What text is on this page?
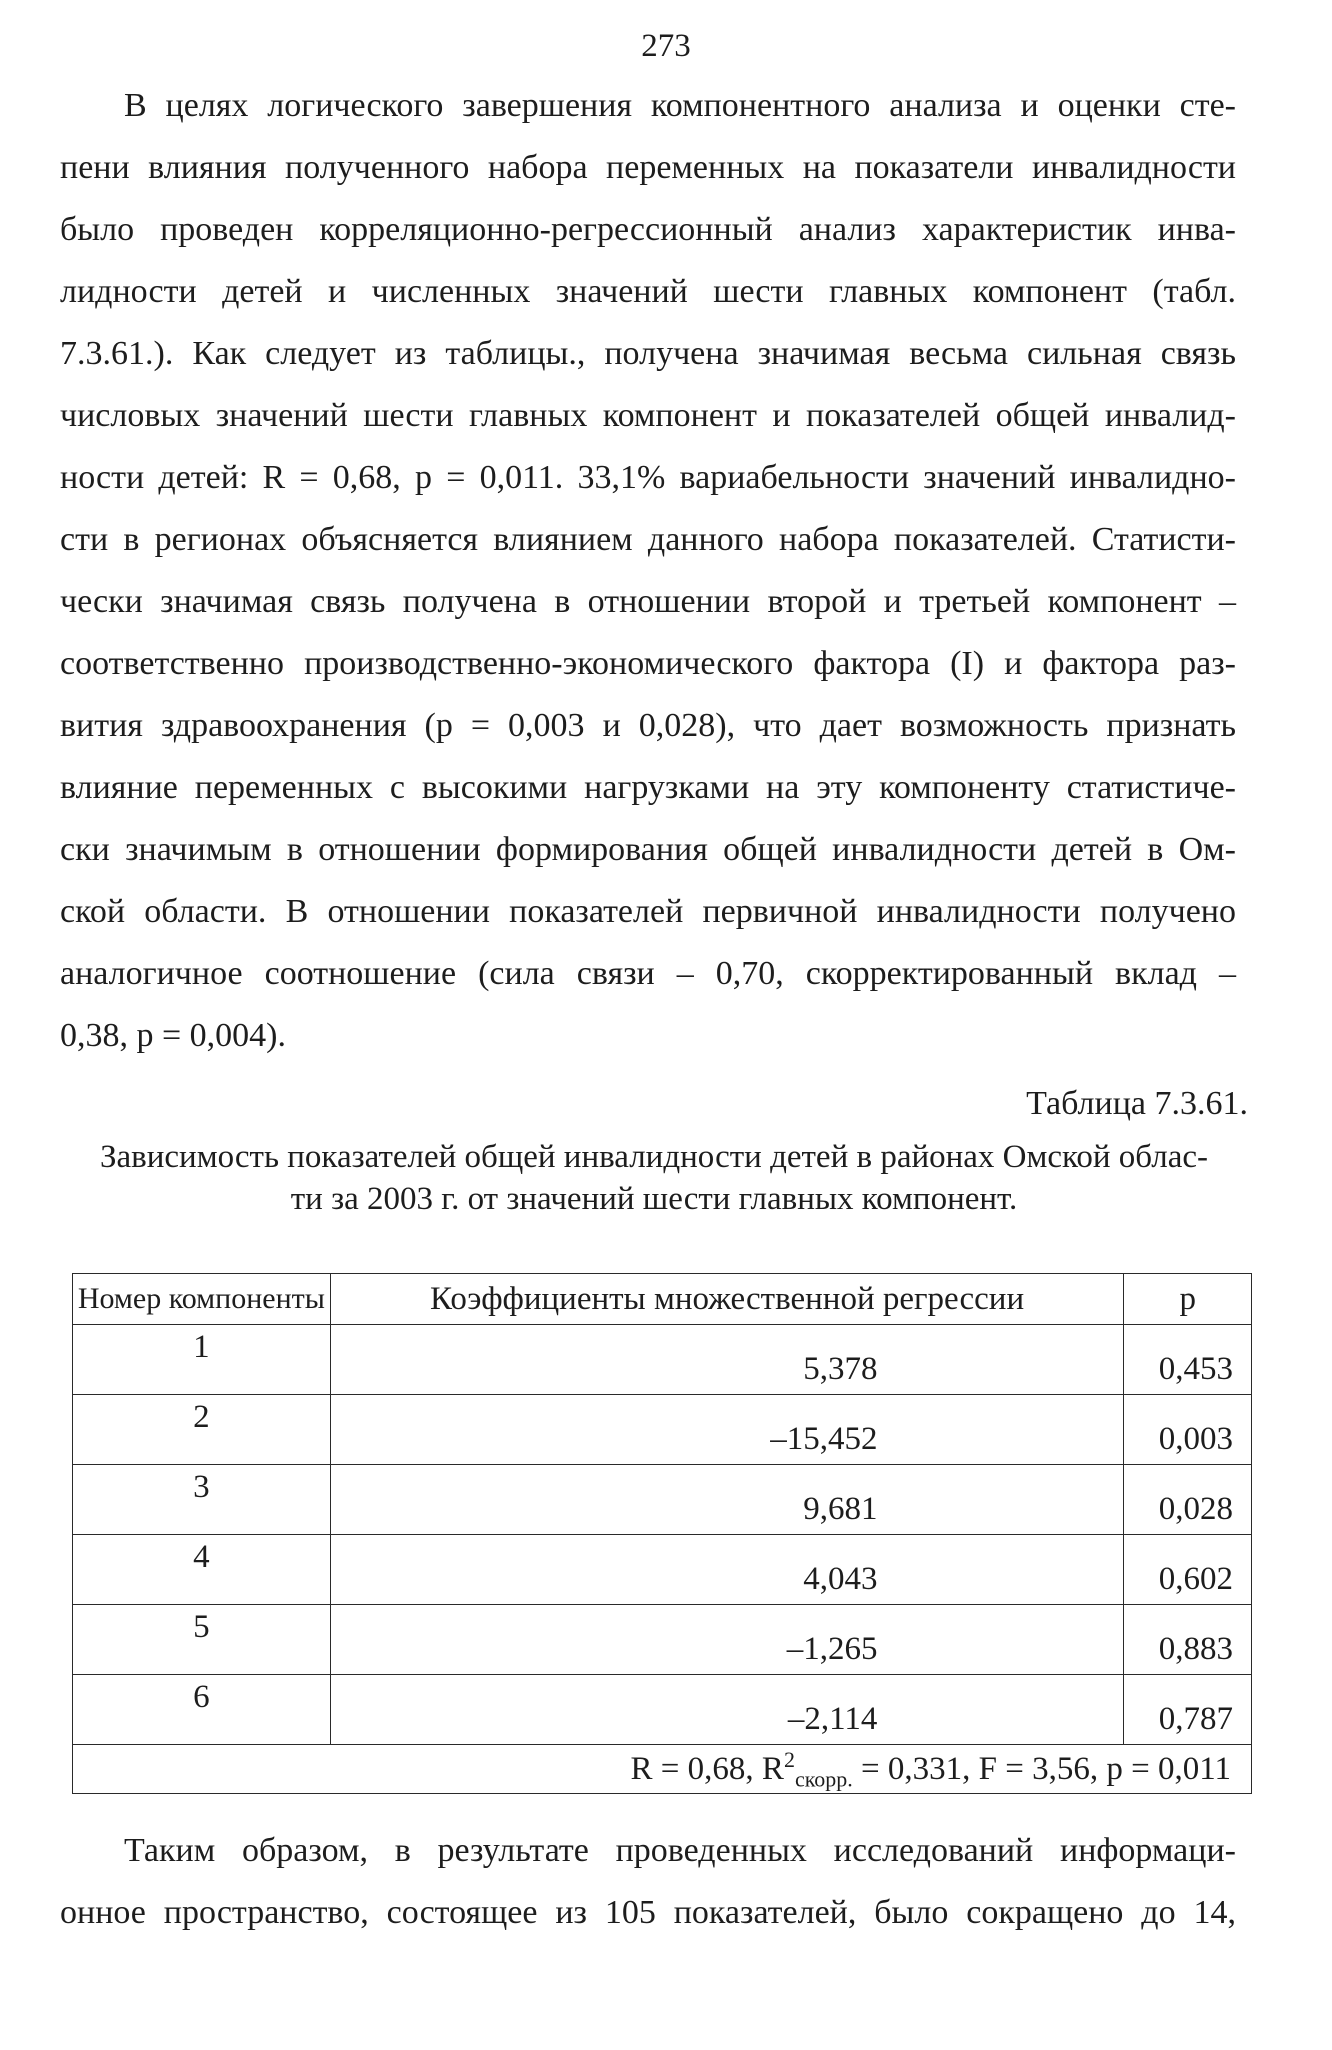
273
В целях логического завершения компонентного анализа и оценки сте-
пени влияния полученного набора переменных на показатели инвалидности
было проведен корреляционно-регрессионный анализ характеристик инва-
лидности детей и численных значений шести главных компонент (табл.
7.3.61.). Как следует из таблицы., получена значимая весьма сильная связь
числовых значений шести главных компонент и показателей общей инвалид-
ности детей: R = 0,68, р = 0,011. 33,1% вариабельности значений инвалидно-
сти в регионах объясняется влиянием данного набора показателей. Статисти-
чески значимая связь получена в отношении второй и третьей компонент –
соответственно производственно-экономического фактора (I) и фактора раз-
вития здравоохранения (р = 0,003 и 0,028), что дает возможность признать
влияние переменных с высокими нагрузками на эту компоненту статистиче-
ски значимым в отношении формирования общей инвалидности детей в Ом-
ской области. В отношении показателей первичной инвалидности получено
аналогичное соотношение (сила связи – 0,70, скорректированный вклад –
0,38, р = 0,004).
Таблица 7.3.61.
Зависимость показателей общей инвалидности детей в районах Омской облас-
ти за 2003 г. от значений шести главных компонент.
Номер компоненты	Коэффициенты множественной регрессии	р
1	5,378	0,453
2	–15,452	0,003
3	9,681	0,028
4	4,043	0,602
5	–1,265	0,883
6	–2,114	0,787
R = 0,68, $R^2_{скорр.} = 0,331$, F = 3,56, р = 0,011		
Таким образом, в результате проведенных исследований информаци-
онное пространство, состоящее из 105 показателей, было сокращено до 14,
